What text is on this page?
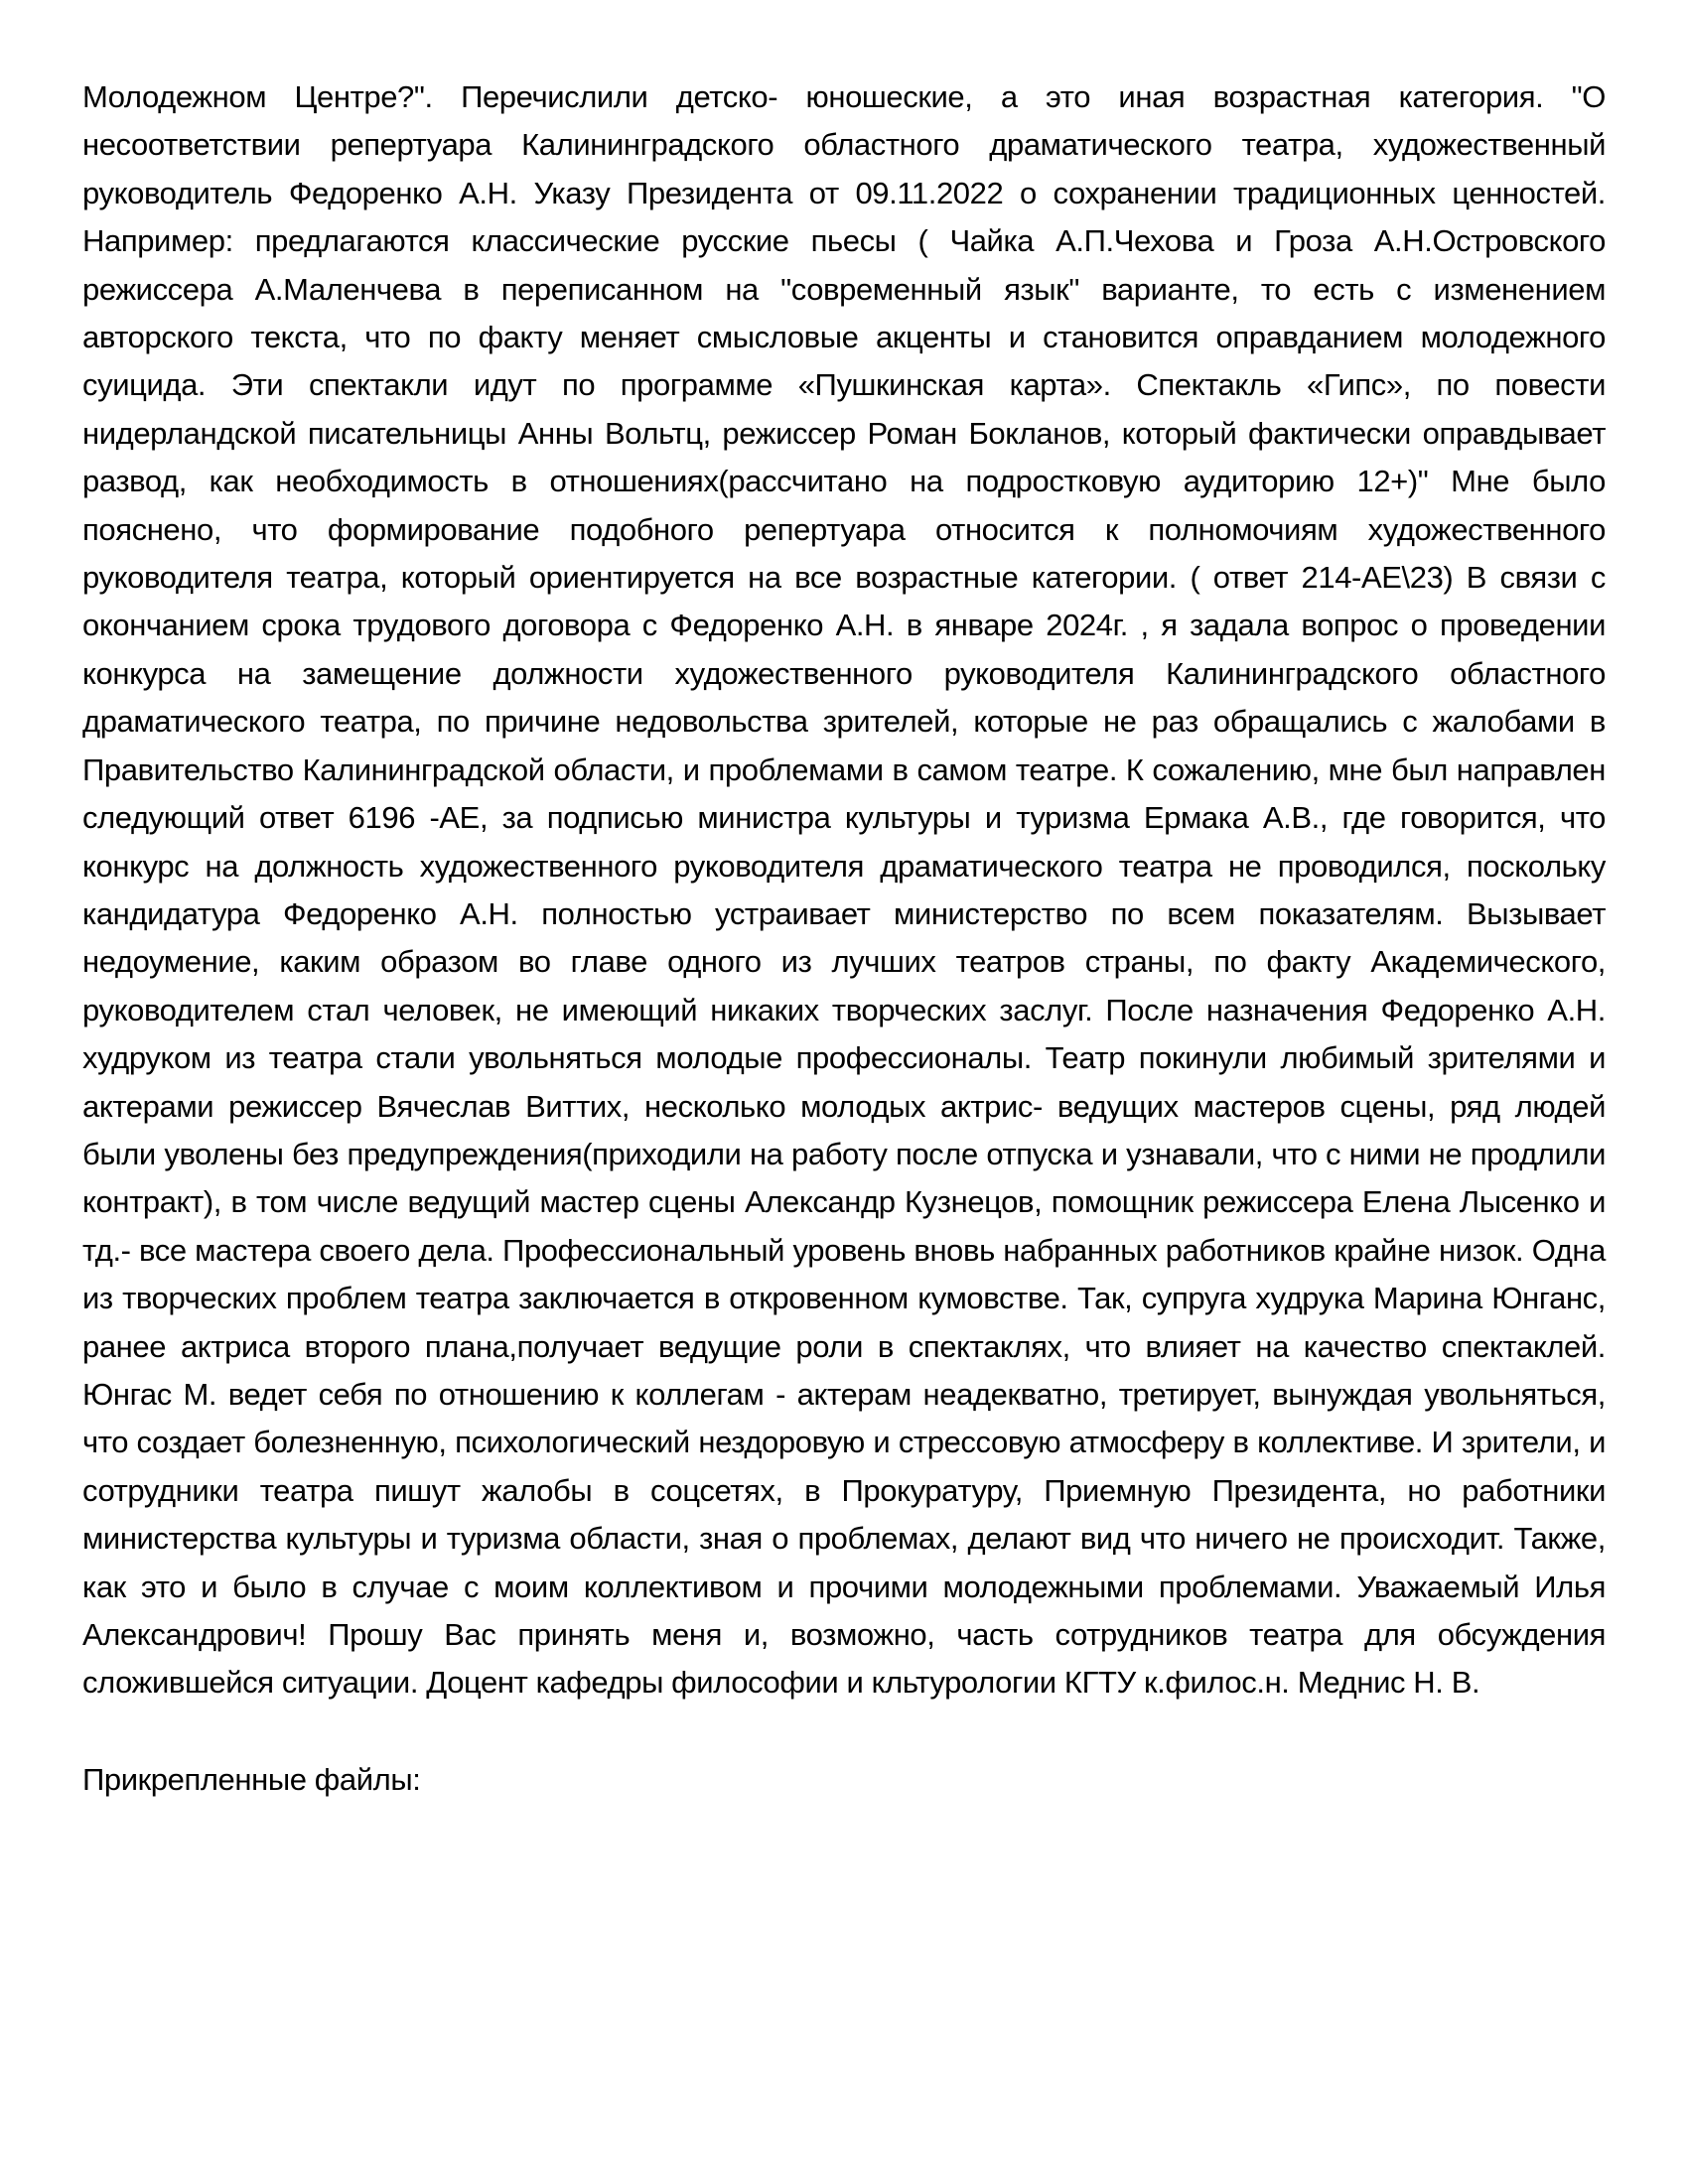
Молодежном Центре?". Перечислили детско- юношеские, а это иная возрастная категория. "О несоответствии репертуара Калининградского областного драматического театра, художественный руководитель Федоренко А.Н. Указу Президента от 09.11.2022 о сохранении традиционных ценностей. Например: предлагаются классические русские пьесы ( Чайка А.П.Чехова и Гроза А.Н.Островского режиссера А.Маленчева в переписанном на "современный язык" варианте, то есть с изменением авторского текста, что по факту меняет смысловые акценты и становится оправданием молодежного суицида. Эти спектакли идут по программе «Пушкинская карта». Спектакль «Гипс», по повести нидерландской писательницы Анны Вольтц, режиссер Роман Бокланов, который фактически оправдывает развод, как необходимость в отношениях(рассчитано на подростковую аудиторию 12+)" Мне было пояснено, что формирование подобного репертуара относится к полномочиям художественного руководителя театра, который ориентируется на все возрастные категории. ( ответ 214-АЕ\23) В связи с окончанием срока трудового договора с Федоренко А.Н. в январе 2024г. , я задала вопрос о проведении конкурса на замещение должности художественного руководителя Калининградского областного драматического театра, по причине недовольства зрителей, которые не раз обращались с жалобами в Правительство Калининградской области, и проблемами в самом театре. К сожалению, мне был направлен следующий ответ 6196 -АЕ, за подписью министра культуры и туризма Ермака А.В., где говорится, что конкурс на должность художественного руководителя драматического театра не проводился, поскольку кандидатура Федоренко А.Н. полностью устраивает министерство по всем показателям. Вызывает недоумение, каким образом во главе одного из лучших театров страны, по факту Академического, руководителем стал человек, не имеющий никаких творческих заслуг. После назначения Федоренко А.Н. худруком из театра стали увольняться молодые профессионалы. Театр покинули любимый зрителями и актерами режиссер Вячеслав Виттих, несколько молодых актрис- ведущих мастеров сцены, ряд людей были уволены без предупреждения(приходили на работу после отпуска и узнавали, что с ними не продлили контракт), в том числе ведущий мастер сцены Александр Кузнецов, помощник режиссера Елена Лысенко и тд.- все мастера своего дела. Профессиональный уровень вновь набранных работников крайне низок. Одна из творческих проблем театра заключается в откровенном кумовстве. Так, супруга худрука Марина Юнганс, ранее актриса второго плана,получает ведущие роли в спектаклях, что влияет на качество спектаклей. Юнгас М. ведет себя по отношению к коллегам - актерам неадекватно, третирует, вынуждая увольняться, что создает болезненную, психологический нездоровую и стрессовую атмосферу в коллективе. И зрители, и сотрудники театра пишут жалобы в соцсетях, в Прокуратуру, Приемную Президента, но работники министерства культуры и туризма области, зная о проблемах, делают вид что ничего не происходит. Также, как это и было в случае с моим коллективом и прочими молодежными проблемами. Уважаемый Илья Александрович! Прошу Вас принять меня и, возможно, часть сотрудников театра для обсуждения сложившейся ситуации. Доцент кафедры философии и кльтурологии КГТУ к.филос.н. Меднис Н. В.

Прикрепленные файлы:
